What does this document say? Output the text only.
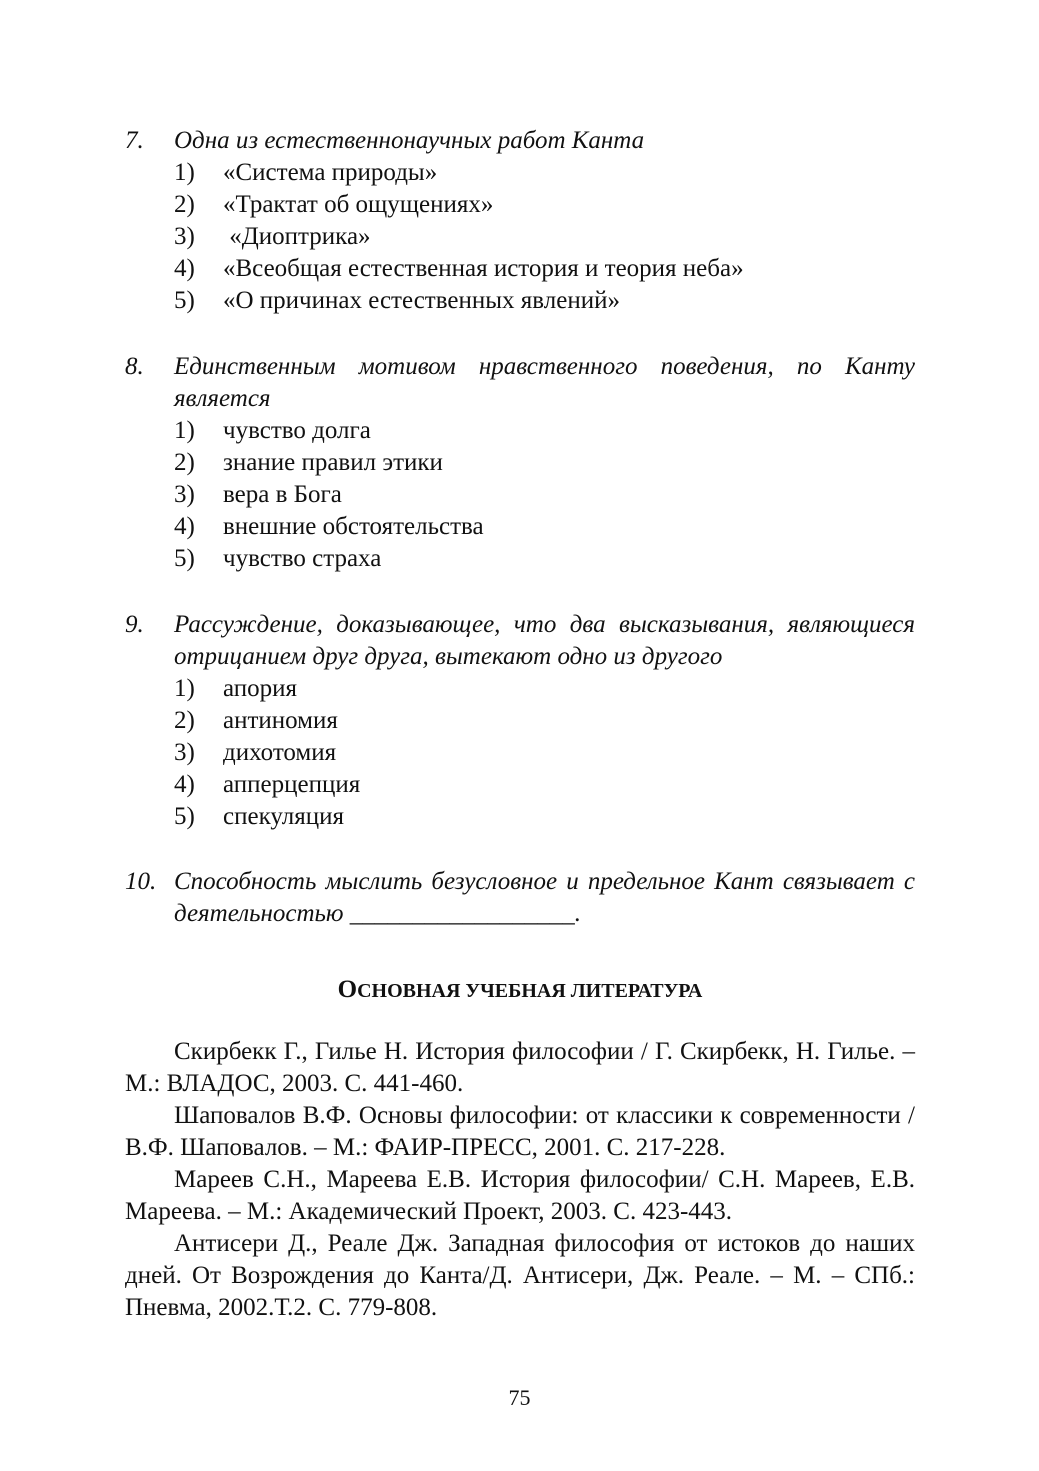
7. Одна из естественнонаучных работ Канта
1) «Система природы»
2) «Трактат об ощущениях»
3) «Диоптрика»
4) «Всеобщая естественная история и теория неба»
5) «О причинах естественных явлений»
8. Единственным мотивом нравственного поведения, по Канту является
1) чувство долга
2) знание правил этики
3) вера в Бога
4) внешние обстоятельства
5) чувство страха
9. Рассуждение, доказывающее, что два высказывания, являющиеся отрицанием друг друга, вытекают одно из другого
1) апория
2) антиномия
3) дихотомия
4) апперцепция
5) спекуляция
10. Способность мыслить безусловное и предельное Кант связывает с деятельностью __________________.
ОСНОВНАЯ УЧЕБНАЯ ЛИТЕРАТУРА

Скирбекк Г., Гилье Н. История философии / Г. Скирбекк, Н. Гилье. – М.: ВЛАДОС, 2003. С. 441-460.

Шаповалов В.Ф. Основы философии: от классики к современности / В.Ф. Шаповалов. – М.: ФАИР-ПРЕСС, 2001. С. 217-228.

Мареев С.Н., Мареева Е.В. История философии/ С.Н. Мареев, Е.В. Мареева. – М.: Академический Проект, 2003. С. 423-443.

Антисери Д., Реале Дж. Западная философия от истоков до наших дней. От Возрождения до Канта/Д. Антисери, Дж. Реале. – М. – СПб.: Пневма, 2002.Т.2. С. 779-808.

75
